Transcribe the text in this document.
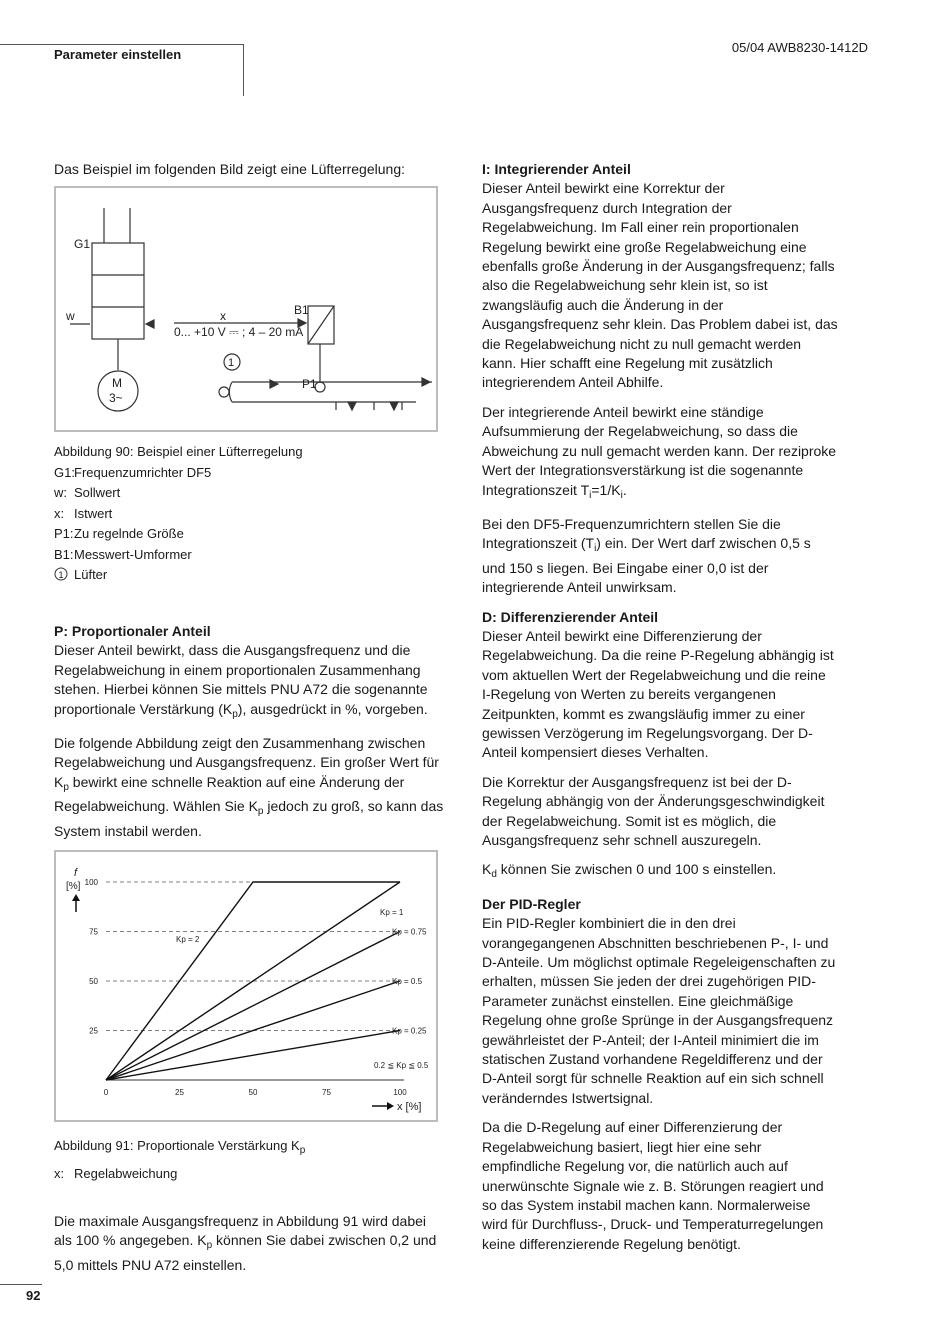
Parameter einstellen	05/04 AWB8230-1412D

Das Beispiel im folgenden Bild zeigt eine Lüfterregelung:

G1
w	x
0... +10 V ⎓ ; 4 – 20 mA
B1
P1
M
3~
1
Abbildung 90: Beispiel einer Lüfterregelung
G1: Frequenzumrichter DF5
w: Sollwert
x: Istwert
P1: Zu regelnde Größe
B1: Messwert-Umformer
1 Lüfter
P: Proportionaler Anteil

Dieser Anteil bewirkt, dass die Ausgangsfrequenz und die Regelabweichung in einem proportionalen Zusammenhang stehen. Hierbei können Sie mittels PNU A72 die sogenannte proportionale Verstärkung $(K_p)$, ausgedrückt in %, vorgeben.

Die folgende Abbildung zeigt den Zusammenhang zwischen Regelabweichung und Ausgangsfrequenz. Ein großer Wert für $K_p$ bewirkt eine schnelle Reaktion auf eine Änderung der Regelabweichung. Wählen Sie $K_p$ jedoch zu groß, so kann das System instabil werden.

25
50
75
100
0	25	50	75	100
Kp = 2
Kp = 1
Kp = 0.75
Kp = 0.5
Kp = 0.25
0.2 ≦ Kp ≦ 0.5
f
[%]
x [%]
Abbildung 91: Proportionale Verstärkung $K_p$
x: Regelabweichung

Die maximale Ausgangsfrequenz in Abbildung 91 wird dabei als 100 % angegeben. $K_p$ können Sie dabei zwischen 0,2 und 5,0 mittels PNU A72 einstellen.

I: Integrierender Anteil

Dieser Anteil bewirkt eine Korrektur der Ausgangsfrequenz durch Integration der Regelabweichung. Im Fall einer rein proportionalen Regelung bewirkt eine große Regelabweichung eine ebenfalls große Änderung in der Ausgangsfrequenz; falls also die Regelabweichung sehr klein ist, so ist zwangsläufig auch die Änderung in der Ausgangsfrequenz sehr klein. Das Problem dabei ist, das die Regelabweichung nicht zu null gemacht werden kann. Hier schafft eine Regelung mit zusätzlich integrierendem Anteil Abhilfe.

Der integrierende Anteil bewirkt eine ständige Aufsummierung der Regelabweichung, so dass die Abweichung zu null gemacht werden kann. Der reziproke Wert der Integrationsverstärkung ist die sogenannte Integrationszeit $T_i=1/K_i$.

Bei den DF5-Frequenzumrichtern stellen Sie die Integrationszeit $(T_i)$ ein. Der Wert darf zwischen 0,5 s und 150 s liegen. Bei Eingabe einer 0,0 ist der integrierende Anteil unwirksam.

D: Differenzierender Anteil

Dieser Anteil bewirkt eine Differenzierung der Regelabweichung. Da die reine P-Regelung abhängig ist vom aktuellen Wert der Regelabweichung und die reine I-Regelung von Werten zu bereits vergangenen Zeitpunkten, kommt es zwangsläufig immer zu einer gewissen Verzögerung im Regelungsvorgang. Der D-Anteil kompensiert dieses Verhalten.

Die Korrektur der Ausgangsfrequenz ist bei der D-Regelung abhängig von der Änderungsgeschwindigkeit der Regelabweichung. Somit ist es möglich, die Ausgangsfrequenz sehr schnell auszuregeln.

$K_d$ können Sie zwischen 0 und 100 s einstellen.

Der PID-Regler

Ein PID-Regler kombiniert die in den drei vorangegangenen Abschnitten beschriebenen P-, I- und D-Anteile. Um möglichst optimale Regeleigenschaften zu erhalten, müssen Sie jeden der drei zugehörigen PID-Parameter zunächst einstellen. Eine gleichmäßige Regelung ohne große Sprünge in der Ausgangsfrequenz gewährleistet der P-Anteil; der I-Anteil minimiert die im statischen Zustand vorhandene Regeldifferenz und der D-Anteil sorgt für schnelle Reaktion auf ein sich schnell veränderndes Istwertsignal.

Da die D-Regelung auf einer Differenzierung der Regelabweichung basiert, liegt hier eine sehr empfindliche Regelung vor, die natürlich auch auf unerwünschte Signale wie z. B. Störungen reagiert und so das System instabil machen kann. Normalerweise wird für Durchfluss-, Druck- und Temperaturregelungen keine differenzierende Regelung benötigt.

92
